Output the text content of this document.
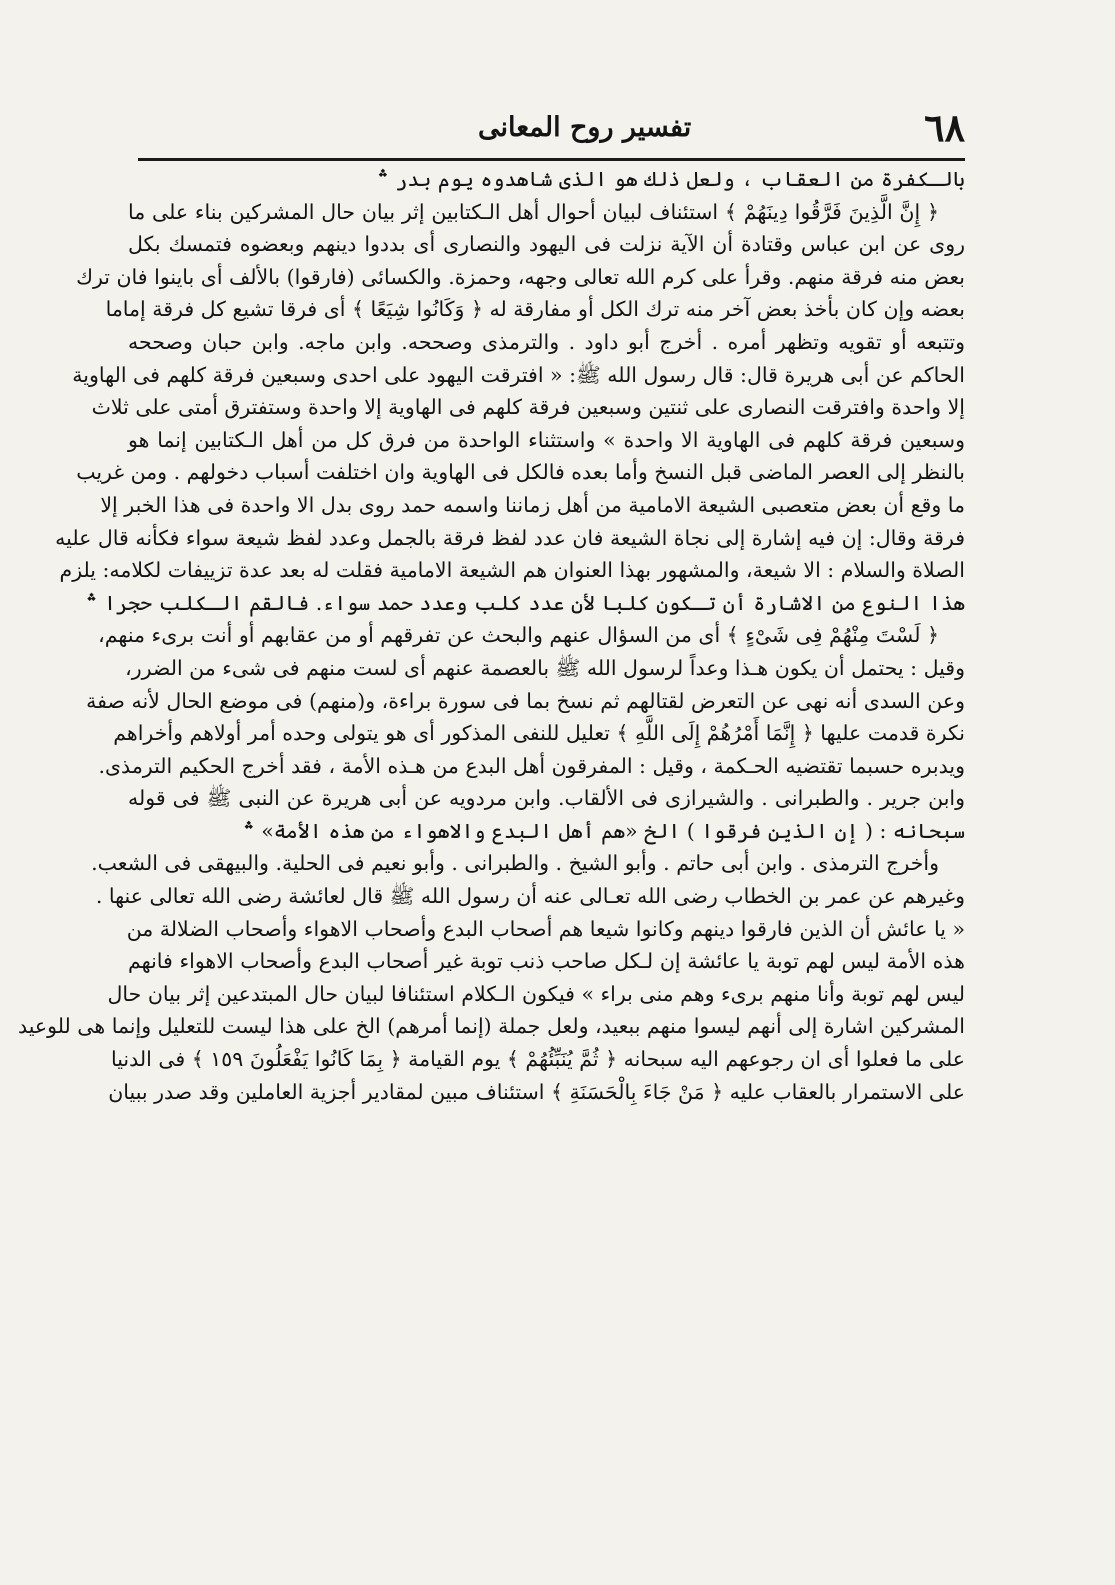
٦٨
تفسير روح المعانى
بالـكفرة من العقاب ، ولعل ذلك هو الذى شاهدوه يوم بدر ؞
﴿ إِنَّ الَّذِينَ فَرَّقُوا دِينَهُمْ ﴾ استئناف لبيان أحوال أهل الـكتابين إثر بيان حال المشركين بناء على ما
روى عن ابن عباس وقتادة أن الآية نزلت فى اليهود والنصارى أى بددوا دينهم وبعضوه فتمسك بكل
بعض منه فرقة منهم. وقرأ على كرم الله تعالى وجهه، وحمزة. والكسائى (فارقوا) بالألف أى باينوا فان ترك
بعضه وإن كان بأخذ بعض آخر منه ترك الكل أو مفارقة له ﴿ وَكَانُوا شِيَعًا ﴾ أى فرقا تشيع كل فرقة إماما
وتتبعه أو تقويه وتظهر أمره . أخرج أبو داود . والترمذى وصححه. وابن ماجه. وابن حبان وصححه
الحاكم عن أبى هريرة قال: قال رسول الله ﷺ: « افترقت اليهود على احدى وسبعين فرقة كلهم فى الهاوية
إلا واحدة وافترقت النصارى على ثنتين وسبعين فرقة كلهم فى الهاوية إلا واحدة وستفترق أمتى على ثلاث
وسبعين فرقة كلهم فى الهاوية الا واحدة » واستثناء الواحدة من فرق كل من أهل الـكتابين إنما هو
بالنظر إلى العصر الماضى قبل النسخ وأما بعده فالكل فى الهاوية وان اختلفت أسباب دخولهم . ومن غريب
ما وقع أن بعض متعصبى الشيعة الامامية من أهل زماننا واسمه حمد روى بدل الا واحدة فى هذا الخبر إلا
فرقة وقال: إن فيه إشارة إلى نجاة الشيعة فان عدد لفظ فرقة بالجمل وعدد لفظ شيعة سواء فكأنه قال عليه
الصلاة والسلام : الا شيعة، والمشهور بهذا العنوان هم الشيعة الامامية فقلت له بعد عدة تزييفات لكلامه: يلزم
هذا النوع من الاشارة أن تـكون كلبا لأن عدد كلب وعدد حمد سواء. فالقم الـكلب حجرا ؞
﴿ لَسْتَ مِنْهُمْ فِى شَىْءٍ ﴾ أى من السؤال عنهم والبحث عن تفرقهم أو من عقابهم أو أنت برىء منهم،
وقيل : يحتمل أن يكون هـذا وعداً لرسول الله ﷺ بالعصمة عنهم أى لست منهم فى شىء من الضرر،
وعن السدى أنه نهى عن التعرض لقتالهم ثم نسخ بما فى سورة براءة، و(منهم) فى موضع الحال لأنه صفة
نكرة قدمت عليها ﴿ إِنَّمَا أَمْرُهُمْ إِلَى اللَّهِ ﴾ تعليل للنفى المذكور أى هو يتولى وحده أمر أولاهم وأخراهم
ويدبره حسبما تقتضيه الحـكمة ، وقيل : المفرقون أهل البدع من هـذه الأمة ، فقد أخرج الحكيم الترمذى.
وابن جرير . والطبرانى . والشيرازى فى الألقاب. وابن مردويه عن أبى هريرة عن النبى ﷺ فى قوله
سبحانه : ( إن الذين فرقوا ) الخ «هم أهل البدع والاهواء من هذه الأمة» ؞
وأخرج الترمذى . وابن أبى حاتم . وأبو الشيخ . والطبرانى . وأبو نعيم فى الحلية. والبيهقى فى الشعب.
وغيرهم عن عمر بن الخطاب رضى الله تعـالى عنه أن رسول الله ﷺ قال لعائشة رضى الله تعالى عنها .
« يا عائش أن الذين فارقوا دينهم وكانوا شيعا هم أصحاب البدع وأصحاب الاهواء وأصحاب الضلالة من
هذه الأمة ليس لهم توبة يا عائشة إن لـكل صاحب ذنب توبة غير أصحاب البدع وأصحاب الاهواء فانهم
ليس لهم توبة وأنا منهم برىء وهم منى براء » فيكون الـكلام استئنافا لبيان حال المبتدعين إثر بيان حال
المشركين اشارة إلى أنهم ليسوا منهم ببعيد، ولعل جملة (إنما أمرهم) الخ على هذا ليست للتعليل وإنما هى للوعيد
على ما فعلوا أى ان رجوعهم اليه سبحانه ﴿ ثُمَّ يُنَبِّئُهُمْ ﴾ يوم القيامة ﴿ بِمَا كَانُوا يَفْعَلُونَ ١٥٩ ﴾ فى الدنيا
على الاستمرار بالعقاب عليه ﴿ مَنْ جَاءَ بِالْحَسَنَةِ ﴾ استئناف مبين لمقادير أجزية العاملين وقد صدر ببيان
